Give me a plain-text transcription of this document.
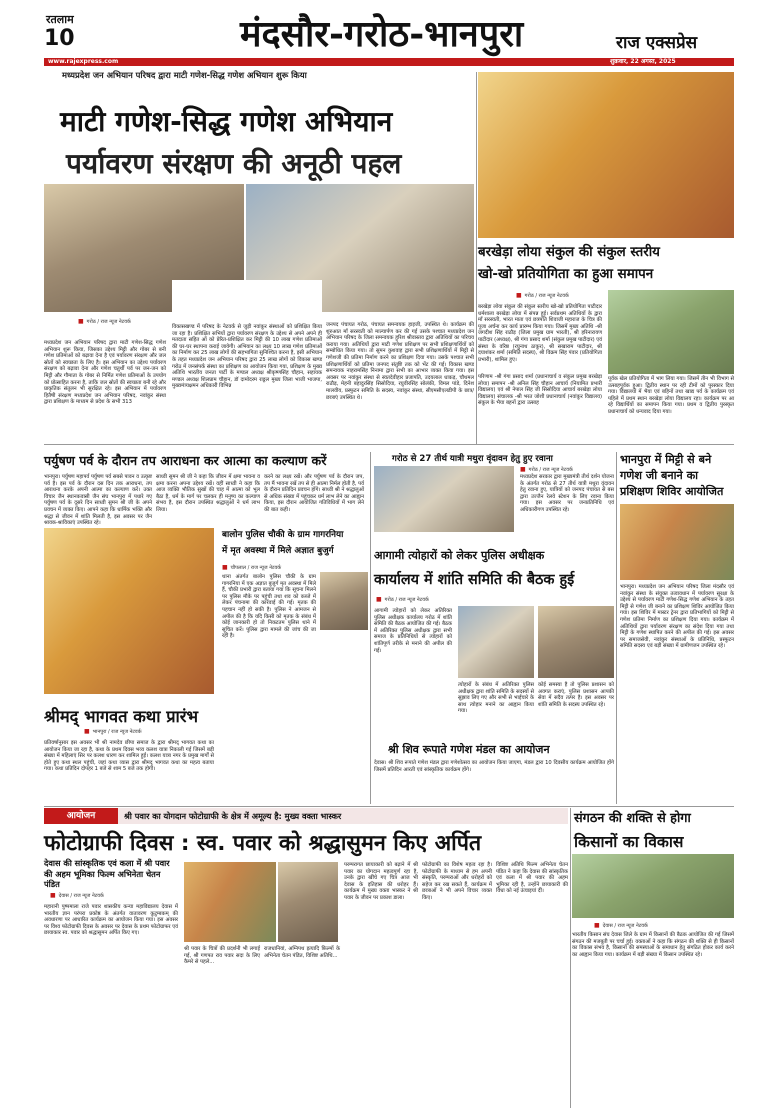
रतलाम
10	मंदसौर-गरोठ-भानपुरा	राज एक्सप्रेस
www.rajexpress.com	शुक्रवार, 22 अगस्त, 2025
मध्यप्रदेश जन अभियान परिषद द्वारा माटी गणेश-सिद्ध गणेश अभियान शुरू किया
माटी गणेश-सिद्ध गणेश अभियान
पर्यावरण संरक्षण की अनूठी पहल
■ गरोठ / राज न्यूज नेटवर्क
मध्यप्रदेश जन अभियान परिषद द्वारा माटी गणेश-सिद्ध गणेश अभियान शुरू किया, जिसका उद्देश्य मिट्टी और गोबर से बनी गणेश प्रतिमाओं को बढ़ावा देना है एवं पर्यावरण संरक्षण और जल स्रोतों को स्वच्छता के लिए है। इस अभियान का उद्देश्य पर्यावरण संरक्षण को बढ़ावा देना और गणेश चतुर्थी पर्व पर जन-जन को मिट्टी और गौमाता के गोबर से निर्मित गणेश प्रतिमाओं के उपयोग को प्रोत्साहित करना है, ताकि जल स्रोतों की स्वच्छता बनी रहे और प्राकृतिक संतुलन भी सुरक्षित रहे। इस अभियान में पर्यावरण हितैषी संरक्षण मध्यप्रदेश जन अभियान परिषद, नवांकुर संस्था द्वारा प्रशिक्षण के माध्यम से प्रदेश के सभी 313
विकासखण्ड में परिषद के नेटवर्क से जुड़ी नवांकुर संस्थाओं को प्रशिक्षित किया जा रहा है। प्रशिक्षित सभियों द्वारा पर्यावरण संरक्षण के उद्देश्य से अपने अपने ही मतदाता सहित ओं को प्रेरित-प्रशिक्षित कर मिट्टी की 10 लाख गणेश प्रतिमाओं की घर-घर स्थापना कराई जायेगी। अभियान का लक्ष्य 10 लाख गणेश प्रतिमाओं का निर्माण कर 25 लाख लोगों की सहभागिता सुनिश्चित करना है, इसी अभियान के तहत मध्यप्रदेश जन अभियान परिषद द्वारा 25 लाख लोगों को विकास खण्ड गरोठ में जनसंपर्क संस्था का प्रशिक्षण का आयोजन किया गया, प्रशिक्षण के मुख्य अतिथि भारतीय जनता पार्टी के मण्डल अध्यक्ष श्रीकृष्णसिंह चौहान, सहायक मण्डल अध्यक्ष शिलप्राम चौहान, डॉ दामोदरम राठ्ठल मुख्य जिला भाजी भाजपा, मुख्यमंत्र्यक्षमन अधिकारी विभिन्न
जनपद पंचायत गरोठ, पंचायत समन्वयक हाइजी, उपस्थित थे। कार्यक्रम की शुरुआत माँ सरस्वती को माल्यार्पण कर की गई उसके पश्चात मध्यप्रदेश जन अभियान परिषद के जिला समन्वयक हुरिश श्रीवास्तव द्वारा अतिथियों का परिचय कराया गया। अतिथियों द्वारा माटी गणेश प्रशिक्षण पर सभी प्रशिक्षणार्थियों को सम्बोधित किया गया। तो सुमन कुशवाह द्वारा सभी प्रशिक्षणार्थियों में मिट्टी से गणेशजी की प्रतिमा निर्माण करने का प्रशिक्षण दिया गया। उसके पश्चात सभी प्रशिक्षणार्थियों को प्रतिमा जनपद संतुष्टि तक को भेंट की गई। विकास खण्ड समन्वयक नाहरामसिंह निनामा द्वारा सभी का आभार व्यक्त किया गया। इस अवसर पर नवांकुर संस्था से स्वतदेवीहार प्रजापति, उदयलाल धाकड़, चौथमल राठौड़, मेहनी बहादुरसिंह सिसोदिया, रघुवीरसिंह सोलंकी, विमल पांडे, दिनेश मालवीय, प्रस्फुटन समिति के सदस्य, नवांकुर संस्था, सीएमसीएलडीपी के छात्र/छात्राएं उपस्थित थे।
बरखेड़ा लोया संकुल की संकुल स्तरीय
खो-खो प्रतियोगिता का हुआ समापन
■ गरोठ / राज न्यूज नेटवर्क
बरखेड़ा लोया संकुल की संकुल स्तरीय खो-खो प्रतियोगिता पाटीदार धर्मशाला बरखेड़ा लोया में संपन्न हुई। सर्वप्रथम अतिथियों के द्वारा माँ सरस्वती, भारत माता एवं छत्रपति शिवाजी महाराज के चित्र की पूजा अर्चना कर कार्य प्रारम्भ किया गया। जिसमें मुख्य अतिथि -श्री जगदीश सिंह राठौड़ (जिला प्रमुख ग्राम भारती), श्री हरिनारायण पाटीदार (अध्यक्ष), श्री गंगा प्रसाद शर्मा (संकुल प्रमुख पाटीदार) एवं संस्था के वरिष्ठ (रघुनाथ ठाकुर), श्री सखाराम पाटीदार, श्री दयाशंकर शर्मा (समिति सदस्य), श्री विक्रम सिंह पंवार (प्रतियोगिता प्रभारी), शामिल हुए।
परिणाम -श्री गंगा प्रसाद शर्मा (प्रधानाचार्य व संकुल प्रमुख बरखेड़ा लोया) समापन -श्री अनिल सिंह चौहान आचार्य (नियामित प्रभारी विद्यालय) एवं श्री नेपाल सिंह जी सिसोदिया आचार्य बरखेड़ा लोया विद्यालय) संचालक -श्री भरत जोशी प्रधानाचार्य (नवांकुर विद्यालय) संकुल के भैया बहनों द्वारा उत्साह
पूर्वक खेल प्रतियोगिता में भाग लिया गया। जिसमें तीन भी विभाग से उत्साहपूर्वक हुआ। द्वितीय स्थान पर रही टीमों को पुरस्कार दिया गया। विद्यालयों में भैया एवं बहिनों तथा खाद्य पर्व के कार्यक्रम एवं पहिले में प्रथम स्थान बरखेड़ा लोया विद्यालय रहा। कार्यक्रम पर आ रहे विद्यार्थियों का समापन किया गया। प्रथम व द्वितीय पुरस्कृत प्रधानाचार्य को धन्यवाद दिया गया।
पर्युषण पर्व के दौरान तप आराधना कर आत्मा का कल्याण करें
भानपुरा। पर्युषण महापर्व पर्युषण पर्व सबसे पावन व उत्कृष्ट पर्व है। इस पर्व के दौरान दस दिन तक आराधना, तप आराधना करके अपनी आत्मा का कल्याण करें। उक्त विचार जैन स्थानकवासी जैन संघ भानपुरा में पधारे गए पर्युषण पर्व के दूसरे दिन साध्वी सुमन श्री जी के अपने प्रवचन में व्यक्त किए। आपने कहा कि धार्मिक भक्ति और श्रद्धा से जीवन में शांति मिलती है, इस अवसर पर जैन श्रावक-श्राविकाएं उपस्थित रहे।
साध्वी सुमन श्री जी ने कहा कि जीवन में क्षमा भावना व क्षमा करना अपना उद्देश्य रखें। वहीं साध्वी ने कहा कि आज व्यक्ति भौतिक सुखों की चाह में आत्मा को भूल बैठा है, धर्म के मार्ग पर चलकर ही मनुष्य का कल्याण संभव है, इस दौरान उपस्थित श्रद्धालुओं ने धर्म लाभ लिया।
करने का लक्ष्य रखें। और पर्युषण पर्व के दौरान जप, तप मैं भावना रखें तप से ही आत्मा निर्मल होती है, पर्व के दौरान प्रतिदिन प्रवचन होंगे। साध्वी श्री ने श्रद्धालुओं से अधिक संख्या में पहुंचकर धर्म लाभ लेने का आह्वान किया, इस दौरान आयोजित गतिविधियों में भाग लेने की बात कही।
गरोठ से 27 तीर्थ यात्री मथुरा वृंदावन हेतु हुए रवाना
■ गरोठ / राज न्यूज नेटवर्क
मध्यप्रदेश सरकार द्वारा मुख्यमंत्री तीर्थ दर्शन योजना के अंतर्गत गरोठ से 27 तीर्थ यात्री मथुरा वृंदावन हेतु रवाना हुए, यात्रियों को जनपद पंचायत से बस द्वारा उज्जैन रेलवे स्टेशन के लिए रवाना किया गया। इस अवसर पर जनप्रतिनिधि एवं अधिकारीगण उपस्थित रहे।
भानपुरा में मिट्टी से बने
गणेश जी बनाने का
प्रशिक्षण शिविर आयोजित
भानपुरा। मध्यप्रदेश जन अभियान परिषद जिला मंदसौर एवं नवांकुर संस्था के संयुक्त तत्वावधान में पर्यावरण सुरक्षा के उद्देश्य से पर्यावरण माटी गणेश-सिद्ध गणेश अभियान के तहत मिट्टी से गणेश जी बनाने का प्रशिक्षण शिविर आयोजित किया गया। इस शिविर में मास्टर ट्रेनर द्वारा प्रतिभागियों को मिट्टी से गणेश प्रतिमा निर्माण का प्रशिक्षण दिया गया। कार्यक्रम में अतिथियों द्वारा पर्यावरण संरक्षण का संदेश दिया गया तथा मिट्टी के गणेश स्थापित करने की अपील की गई। इस अवसर पर समाजसेवी, नवांकुर संस्थाओं के प्रतिनिधि, प्रस्फुटन समिति सदस्य एवं बड़ी संख्या में ग्रामीणजन उपस्थित रहे।
श्रीमद् भागवत कथा प्रारंभ
■ भानपुरा / राज न्यूज नेटवर्क
प्रतिवर्षानुसार इस अवसर भी श्री नामदेव छीपा समाज के द्वारा श्रीमद् भागवत कथा का आयोजन किया जा रहा है, कथा के प्रथम दिवस भव्य कलश यात्रा निकाली गई जिसमें बड़ी संख्या में महिलाएं सिर पर कलश धारण कर शामिल हुईं। कलश यात्रा नगर के प्रमुख मार्गों से होते हुए कथा स्थल पहुंची, जहां कथा व्यास द्वारा श्रीमद् भागवत कथा का महत्व बताया गया। कथा प्रतिदिन दोपहर 1 बजे से शाम 5 बजे तक होगी।
बालोन पुलिस चौकी के ग्राम गागरनिया
में मृत अवस्था में मिले अज्ञात बुजुर्ग
■ चौपलाल / राज न्यूज नेटवर्क
थाना अंतर्गत बालोन पुलिस चौकी के ग्राम गागरनिया में एक अज्ञात बुजुर्ग मृत अवस्था में मिले हैं, चौकी प्रभारी द्वारा बताया गया कि सूचना मिलने पर पुलिस मौके पर पहुंची तथा शव को कब्जे में लेकर पंचनामा की कार्रवाई की गई। मृतक की पहचान नहीं हो सकी है। पुलिस ने आमजन से अपील की है कि यदि किसी को मृतक के संबंध में कोई जानकारी हो तो निकटतम पुलिस थाने में सूचित करें। पुलिस द्वारा मामले की जांच की जा रही है।
आगामी त्योहारों को लेकर पुलिस अधीक्षक
कार्यालय में शांति समिति की बैठक हुई
■ गरोठ / राज न्यूज नेटवर्क
आगामी त्योहारों को लेकर अतिरिक्त पुलिस अधीक्षक कार्यालय गरोठ में शांति समिति की बैठक आयोजित की गई। बैठक में अतिरिक्त पुलिस अधीक्षक द्वारा सभी समाज के प्रतिनिधियों से त्योहारों को शांतिपूर्ण तरीके से मनाने की अपील की गई।
त्योहारों के संबंध में अतिरिक्त पुलिस अधीक्षक द्वारा शांति समिति के सदस्यों से सुझाव लिए गए और सभी से भाईचारे के साथ त्योहार मनाने का आह्वान किया गया।
कोई समस्या है तो पुलिस प्रशासन को अवगत कराएं, पुलिस प्रशासन आपकी सेवा में सदैव तत्पर है। इस अवसर पर शांति समिति के सदस्य उपस्थित रहे।
श्री शिव रूपाते गणेश मंडल का आयोजन
देवास। श्री शिव रूपाते गणेश मंडल द्वारा गणेशोत्सव का आयोजन किया जाएगा, मंडल द्वारा 10 दिवसीय कार्यक्रम आयोजित होंगे जिसमें प्रतिदिन आरती एवं सांस्कृतिक कार्यक्रम होंगे।
संगठन की शक्ति से होगा
किसानों का विकास
■ देवास / राज न्यूज नेटवर्क
भारतीय किसान संघ देवास जिले के ग्राम में किसानों की बैठक आयोजित की गई जिसमें संगठन की मजबूती पर चर्चा हुई। वक्ताओं ने कहा कि संगठन की शक्ति से ही किसानों का विकास संभव है, किसानों की समस्याओं के समाधान हेतु संगठित होकर कार्य करने का आह्वान किया गया। कार्यक्रम में बड़ी संख्या में किसान उपस्थित रहे।
आयोजन	श्री पवार का योगदान फोटोग्राफी के क्षेत्र में अमूल्य है: मुख्य वक्ता भास्कर
फोटोग्राफी दिवस : स्व. पवार को श्रद्धासुमन किए अर्पित
देवास की सांस्कृतिक एवं कला में श्री पवार की अहम भूमिका फिल्म अभिनेता चेतन पंडित
■ देवास / राज न्यूज नेटवर्क
महारानी पुष्पमाला राजे पवार शासकीय कन्या महाविद्यालय देवास में भारतीय ज्ञान परंपरा प्रकोष्ठ के अंतर्गत वातावरण कुटुम्बकम् की अवधारणा पर आधारित कार्यक्रम का आयोजन किया गया। इस अवसर पर विश्व फोटोग्राफी दिवस के अवसर पर देवास के प्रथम फोटोग्राफर एवं छायाकार स्व. पवार को श्रद्धासुमन अर्पित किए गए।
श्री पवार के चित्रों की प्रदर्शनी भी लगाई गई, श्री गणपत राव पवार सदा के लिए कैमरे से पहले...
राजधानियां, अग्निपथ इत्यादि फ़िल्मों के अभिनेता चेतन पंडित, विशिष्ट अतिथि...
परम्परागत छायाकारी को बढ़ाने में श्री पवार का योगदान महत्वपूर्ण रहा है, उनके द्वारा खींचे गए चित्र आज भी देवास के इतिहास की धरोहर हैं। कार्यक्रम में मुख्य वक्ता भास्कर ने श्री पवार के जीवन पर प्रकाश डाला।
फोटोग्राफी का विशेष महत्व रहा है। फोटोग्राफी के माध्यम से हम अपनी संस्कृति, परम्पराओं और धरोहरों को सहेज कर रख सकते हैं, कार्यक्रम में छात्राओं ने भी अपने विचार व्यक्त किए।
विशिष्ट अतिथि फिल्म अभिनेता चेतन पंडित ने कहा कि देवास की सांस्कृतिक एवं कला में श्री पवार की अहम भूमिका रही है, उन्होंने छायाकारी की विधा को नई ऊंचाइयां दीं।
